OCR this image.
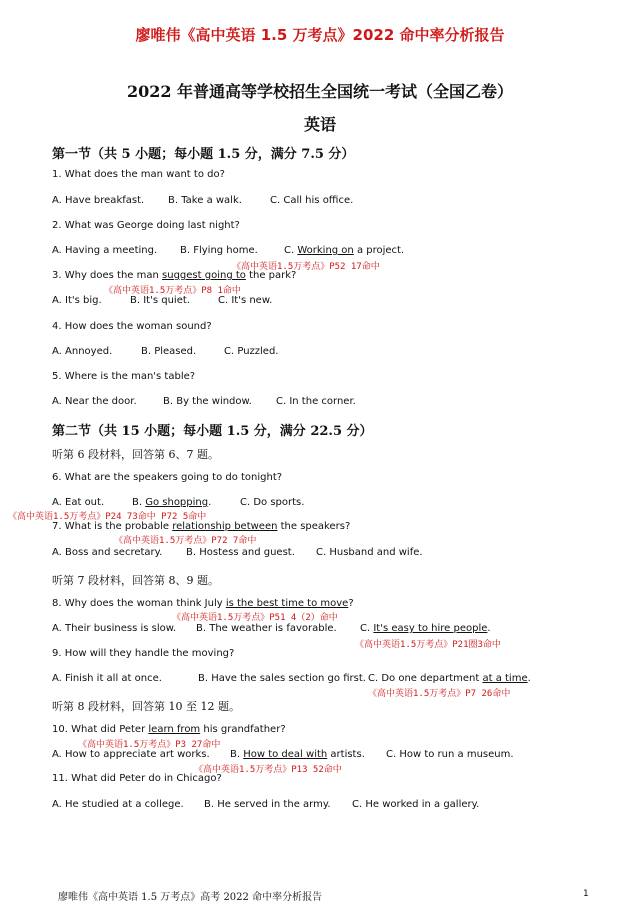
廖唯伟《高中英语 1.5 万考点》2022 命中率分析报告
2022 年普通高等学校招生全国统一考试（全国乙卷）
英语
第一节（共 5 小题；每小题 1.5 分，满分 7.5 分）
1. What does the man want to do?
A. Have breakfast. B. Take a walk.	C. Call his office.
2. What was George doing last night?
A. Having a meeting. B. Flying home.	C. Working on a project.
《高中英语1.5万考点》P52 17命中
3. Why does the man suggest going to the park?
《高中英语1.5万考点》P8 1命中
A. It's big.	B. It's quiet.	C. It's new.
4. How does the woman sound?
A. Annoyed.	B. Pleased.	C. Puzzled.
5. Where is the man's table?
A. Near the door.	B. By the window. C. In the corner.
第二节（共 15 小题；每小题 1.5 分，满分 22.5 分）
听第 6 段材料，回答第 6、7 题。
6. What are the speakers going to do tonight?
A. Eat out.	B. Go shopping.	C. Do sports.
《高中英语1.5万考点》P24 73命中 P72 5命中
7. What is the probable relationship between the speakers?
《高中英语1.5万考点》P72 7命中
A. Boss and secretary. B. Hostess and guest. C. Husband and wife.
听第 7 段材料，回答第 8、9 题。
8. Why does the woman think July is the best time to move?
《高中英语1.5万考点》P51 4（2）命中
A. Their business is slow. B. The weather is favorable. C. It's easy to hire people.
《高中英语1.5万考点》P21圈3命中
9. How will they handle the moving?
A. Finish it all at once.	B. Have the sales section go first. C. Do one department at a time.
《高中英语1.5万考点》P7 26命中
听第 8 段材料，回答第 10 至 12 题。
10. What did Peter learn from his grandfather?
《高中英语1.5万考点》P3 27命中
A. How to appreciate art works. B. How to deal with artists. C. How to run a museum.
《高中英语1.5万考点》P13 52命中
11. What did Peter do in Chicago?
A. He studied at a college. B. He served in the army. C. He worked in a gallery.
廖唯伟《高中英语 1.5 万考点》高考 2022 命中率分析报告	1
